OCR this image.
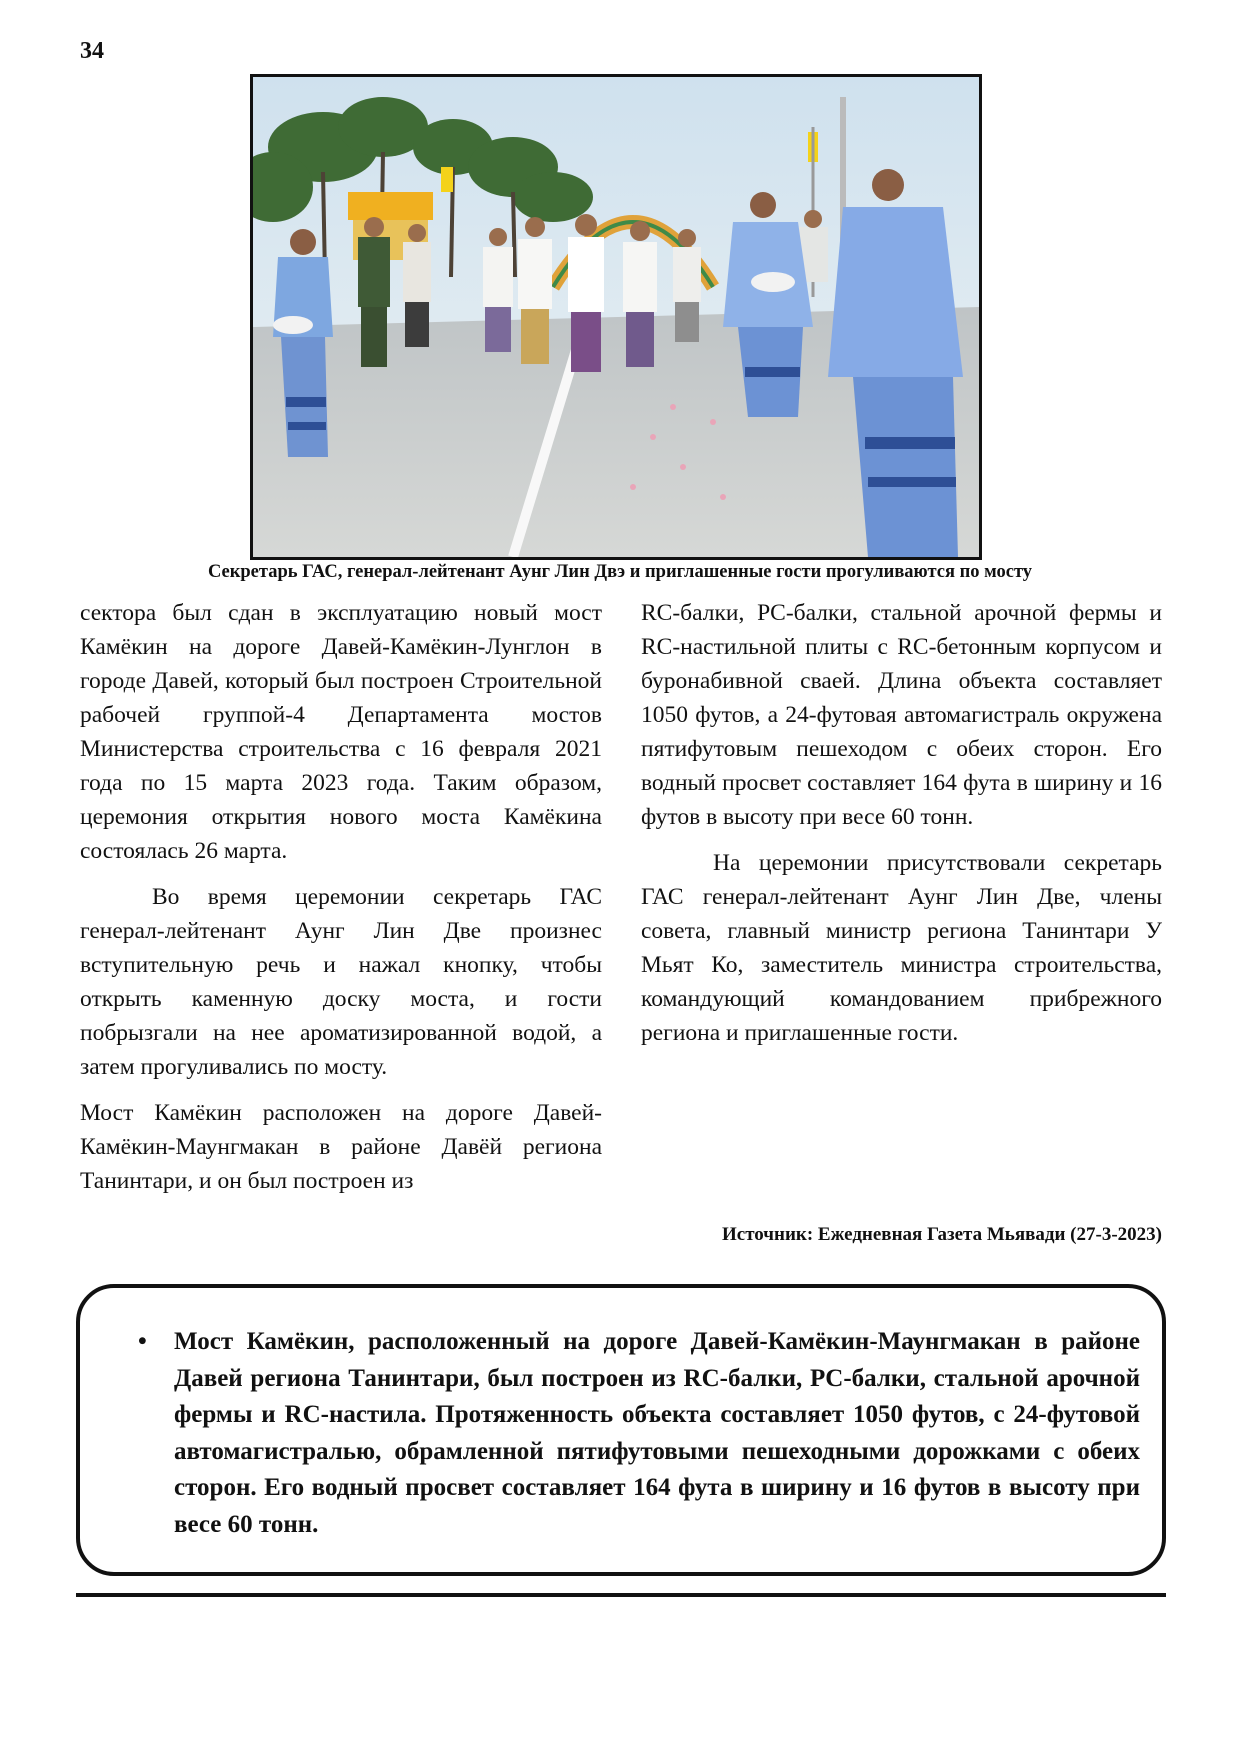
34
Секретарь ГАС, генерал-лейтенант Аунг Лин Двэ и приглашенные гости прогуливаются по мосту

сектора был сдан в эксплуатацию новый мост Камёкин на дороге Давей-Камёкин-Лунглон в городе Давей, который был построен Строительной рабочей группой-4 Департамента мостов Министерства строительства с 16 февраля 2021 года по 15 марта 2023 года. Таким образом, церемония открытия нового моста Камёкина состоялась 26 марта.

Во время церемонии секретарь ГАС генерал-лейтенант Аунг Лин Две произнес вступительную речь и нажал кнопку, чтобы открыть каменную доску моста, и гости побрызгали на нее ароматизированной водой, а затем прогуливались по мосту.

Мост Камёкин расположен на дороге Давей-Камёкин-Маунгмакан в районе Давёй региона Танинтари, и он был построен из

RC-балки, PC-балки, стальной арочной фермы и RC-настильной плиты с RC-бетонным корпусом и буронабивной сваей. Длина объекта составляет 1050 футов, а 24-футовая автомагистраль окружена пятифутовым пешеходом с обеих сторон. Его водный просвет составляет 164 фута в ширину и 16 футов в высоту при весе 60 тонн.

На церемонии присутствовали секретарь ГАС генерал-лейтенант Аунг Лин Две, члены совета, главный министр региона Танинтари У Мьят Ко, заместитель министра строительства, командующий командованием прибрежного региона и приглашенные гости.

Источник: Ежедневная Газета Мьявади (27-3-2023)
• Мост Камёкин, расположенный на дороге Давей-Камёкин-Маунгмакан в районе Давей региона Танинтари, был построен из RC-балки, PC-балки, стальной арочной фермы и RC-настила. Протяженность объекта составляет 1050 футов, с 24-футовой автомагистралью, обрамленной пятифутовыми пешеходными дорожками с обеих сторон. Его водный просвет составляет 164 фута в ширину и 16 футов в высоту при весе 60 тонн.
